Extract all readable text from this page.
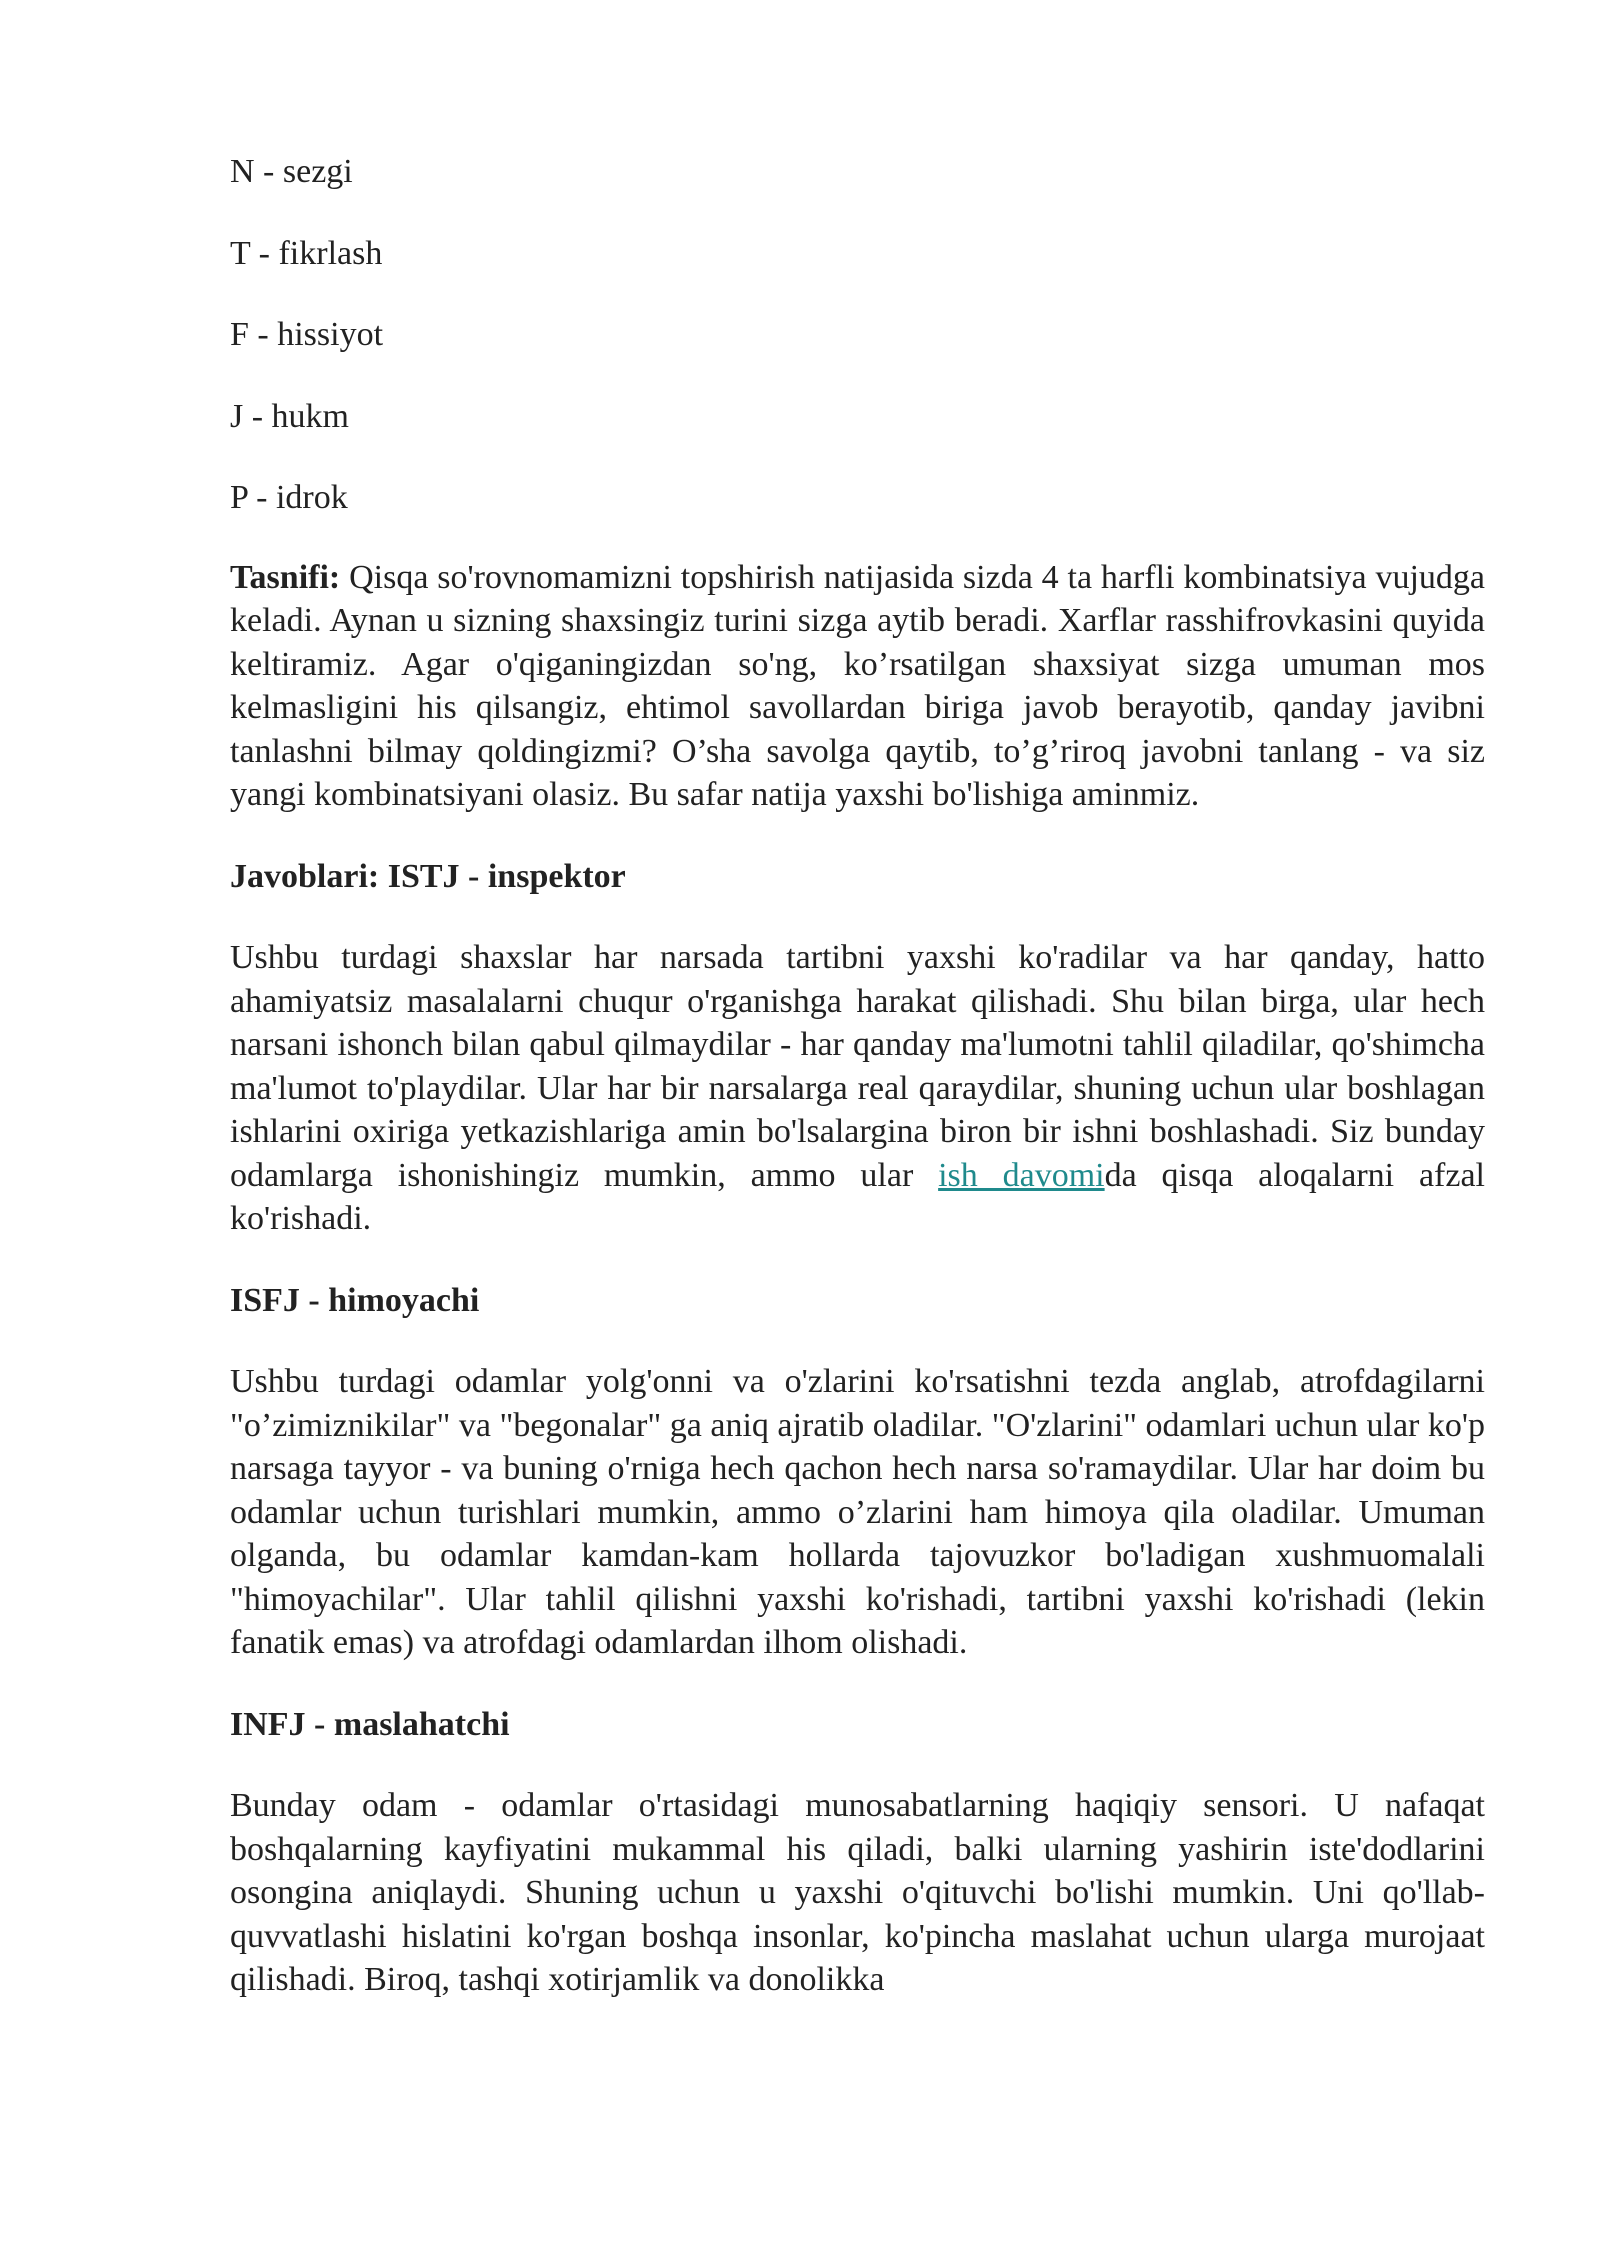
N - sezgi
T - fikrlash
F - hissiyot
J - hukm
P - idrok

Tasnifi: Qisqa so'rovnomamizni topshirish natijasida sizda 4 ta harfli kombinatsiya vujudga keladi. Aynan u sizning shaxsingiz turini sizga aytib beradi. Xarflar rasshifrovkasini quyida keltiramiz. Agar o'qiganingizdan so'ng, ko’rsatilgan shaxsiyat sizga umuman mos kelmasligini his qilsangiz, ehtimol savollardan biriga javob berayotib, qanday javibni tanlashni bilmay qoldingizmi? O’sha savolga qaytib, to’g’riroq javobni tanlang - va siz yangi kombinatsiyani olasiz. Bu safar natija yaxshi bo'lishiga aminmiz.

Javoblari: ISTJ - inspektor

Ushbu turdagi shaxslar har narsada tartibni yaxshi ko'radilar va har qanday, hatto ahamiyatsiz masalalarni chuqur o'rganishga harakat qilishadi. Shu bilan birga, ular hech narsani ishonch bilan qabul qilmaydilar - har qanday ma'lumotni tahlil qiladilar, qo'shimcha ma'lumot to'playdilar. Ular har bir narsalarga real qaraydilar, shuning uchun ular boshlagan ishlarini oxiriga yetkazishlariga amin bo'lsalargina biron bir ishni boshlashadi. Siz bunday odamlarga ishonishingiz mumkin, ammo ular ish davomida qisqa aloqalarni afzal ko'rishadi.

ISFJ - himoyachi

Ushbu turdagi odamlar yolg'onni va o'zlarini ko'rsatishni tezda anglab, atrofdagilarni "o’zimiznikilar" va "begonalar" ga aniq ajratib oladilar. "O'zlarini" odamlari uchun ular ko'p narsaga tayyor - va buning o'rniga hech qachon hech narsa so'ramaydilar. Ular har doim bu odamlar uchun turishlari mumkin, ammo o’zlarini ham himoya qila oladilar. Umuman olganda, bu odamlar kamdan-kam hollarda tajovuzkor bo'ladigan xushmuomalali "himoyachilar". Ular tahlil qilishni yaxshi ko'rishadi, tartibni yaxshi ko'rishadi (lekin fanatik emas) va atrofdagi odamlardan ilhom olishadi.

INFJ - maslahatchi

Bunday odam - odamlar o'rtasidagi munosabatlarning haqiqiy sensori. U nafaqat boshqalarning kayfiyatini mukammal his qiladi, balki ularning yashirin iste'dodlarini osongina aniqlaydi. Shuning uchun u yaxshi o'qituvchi bo'lishi mumkin. Uni qo'llab-quvvatlashi hislatini ko'rgan boshqa insonlar, ko'pincha maslahat uchun ularga murojaat qilishadi. Biroq, tashqi xotirjamlik va donolikka
